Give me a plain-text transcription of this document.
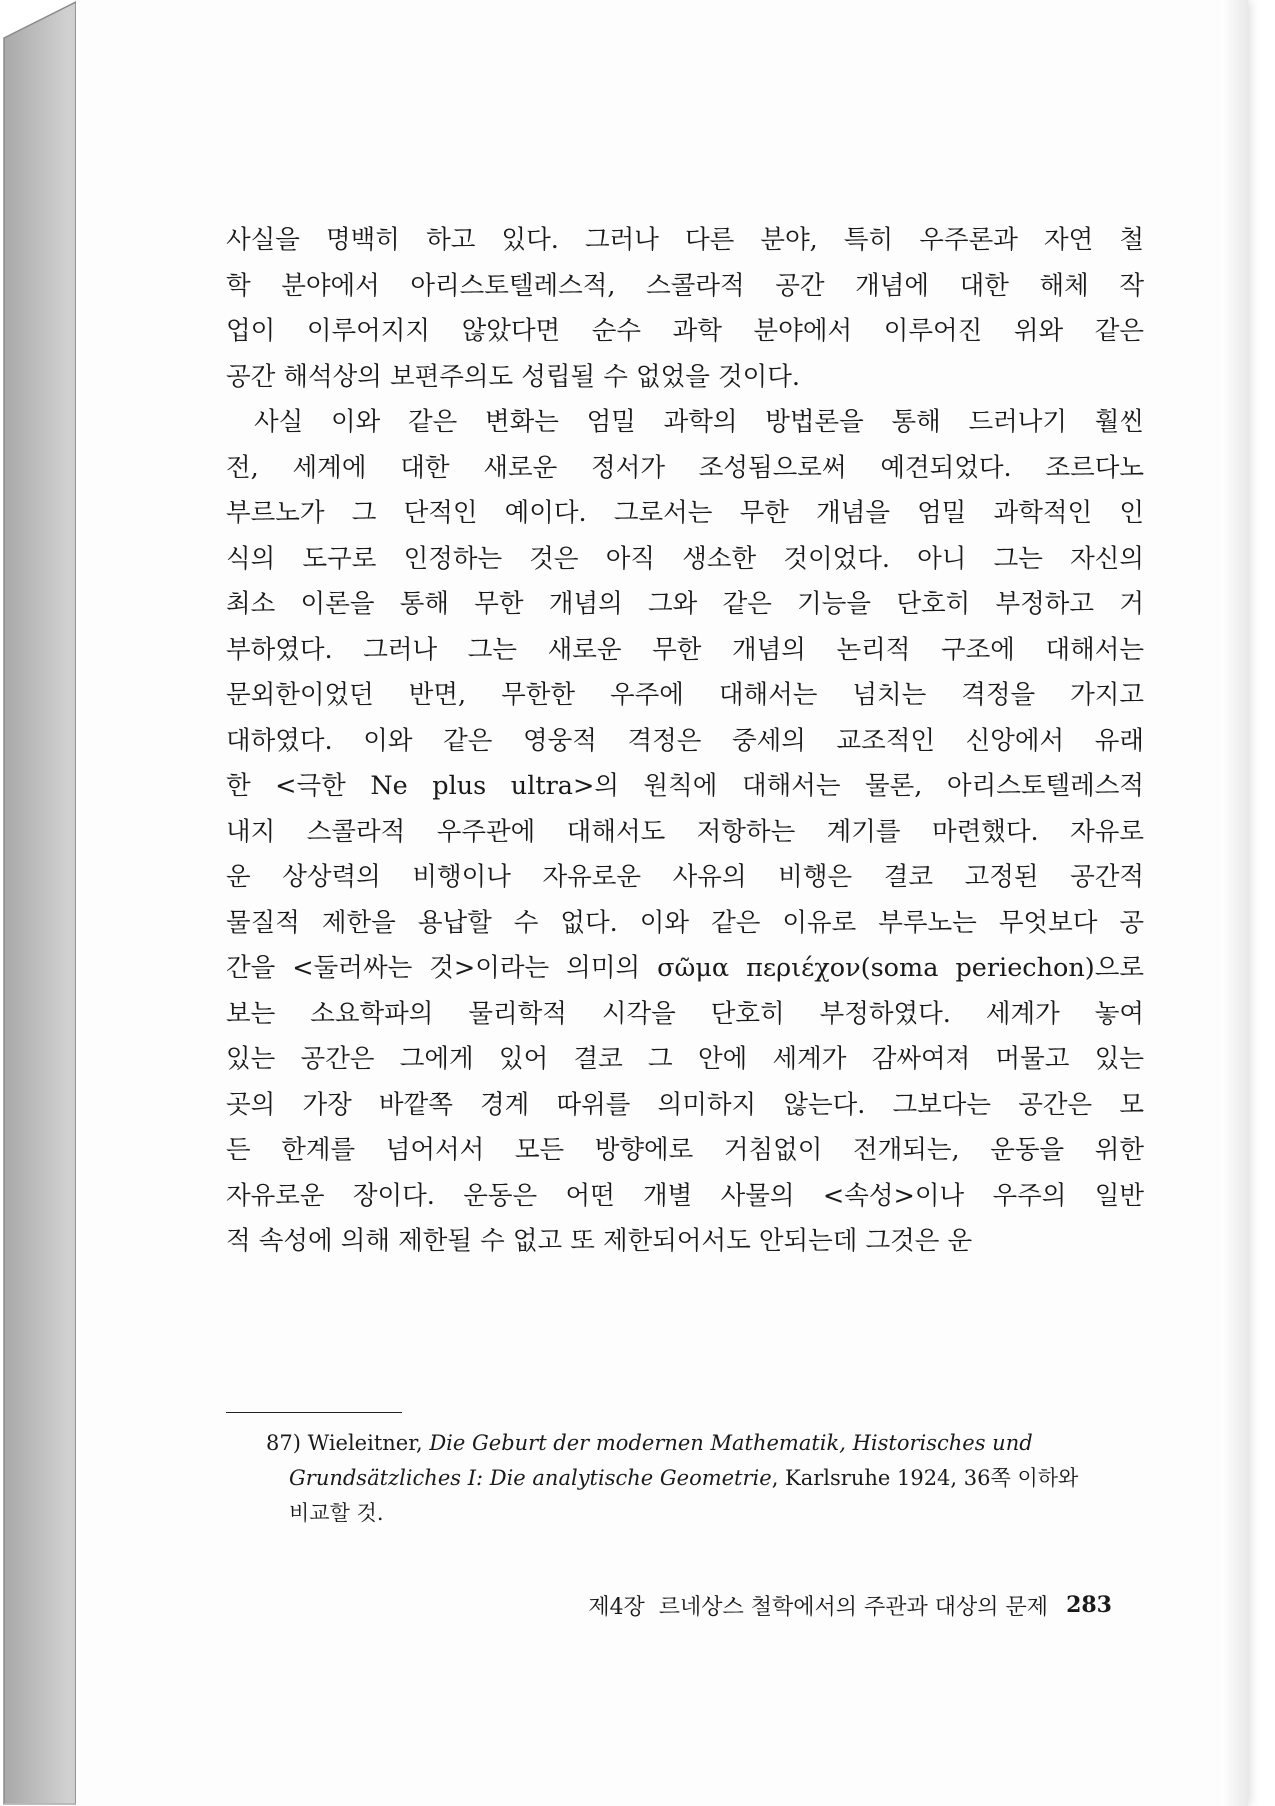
사실을 명백히 하고 있다. 그러나 다른 분야, 특히 우주론과 자연 철
학 분야에서 아리스토텔레스적, 스콜라적 공간 개념에 대한 해체 작
업이 이루어지지 않았다면 순수 과학 분야에서 이루어진 위와 같은
공간 해석상의 보편주의도 성립될 수 없었을 것이다.
사실 이와 같은 변화는 엄밀 과학의 방법론을 통해 드러나기 훨씬
전, 세계에 대한 새로운 정서가 조성됨으로써 예견되었다. 조르다노
부르노가 그 단적인 예이다. 그로서는 무한 개념을 엄밀 과학적인 인
식의 도구로 인정하는 것은 아직 생소한 것이었다. 아니 그는 자신의
최소 이론을 통해 무한 개념의 그와 같은 기능을 단호히 부정하고 거
부하였다. 그러나 그는 새로운 무한 개념의 논리적 구조에 대해서는
문외한이었던 반면, 무한한 우주에 대해서는 넘치는 격정을 가지고
대하였다. 이와 같은 영웅적 격정은 중세의 교조적인 신앙에서 유래
한 <극한 Ne plus ultra>의 원칙에 대해서는 물론, 아리스토텔레스적
내지 스콜라적 우주관에 대해서도 저항하는 계기를 마련했다. 자유로
운 상상력의 비행이나 자유로운 사유의 비행은 결코 고정된 공간적
물질적 제한을 용납할 수 없다. 이와 같은 이유로 부루노는 무엇보다 공
간을 <둘러싸는 것>이라는 의미의 σῶμα περιέχον(soma periechon)으로
보는 소요학파의 물리학적 시각을 단호히 부정하였다. 세계가 놓여
있는 공간은 그에게 있어 결코 그 안에 세계가 감싸여져 머물고 있는
곳의 가장 바깥쪽 경계 따위를 의미하지 않는다. 그보다는 공간은 모
든 한계를 넘어서서 모든 방향에로 거침없이 전개되는, 운동을 위한
자유로운 장이다. 운동은 어떤 개별 사물의 <속성>이나 우주의 일반
적 속성에 의해 제한될 수 없고 또 제한되어서도 안되는데 그것은 운
87) Wieleitner, Die Geburt der modernen Mathematik, Historisches und
Grundsätzliches I: Die analytische Geometrie, Karlsruhe 1924, 36쪽 이하와
비교할 것.
제4장  르네상스 철학에서의 주관과 대상의 문제 283
